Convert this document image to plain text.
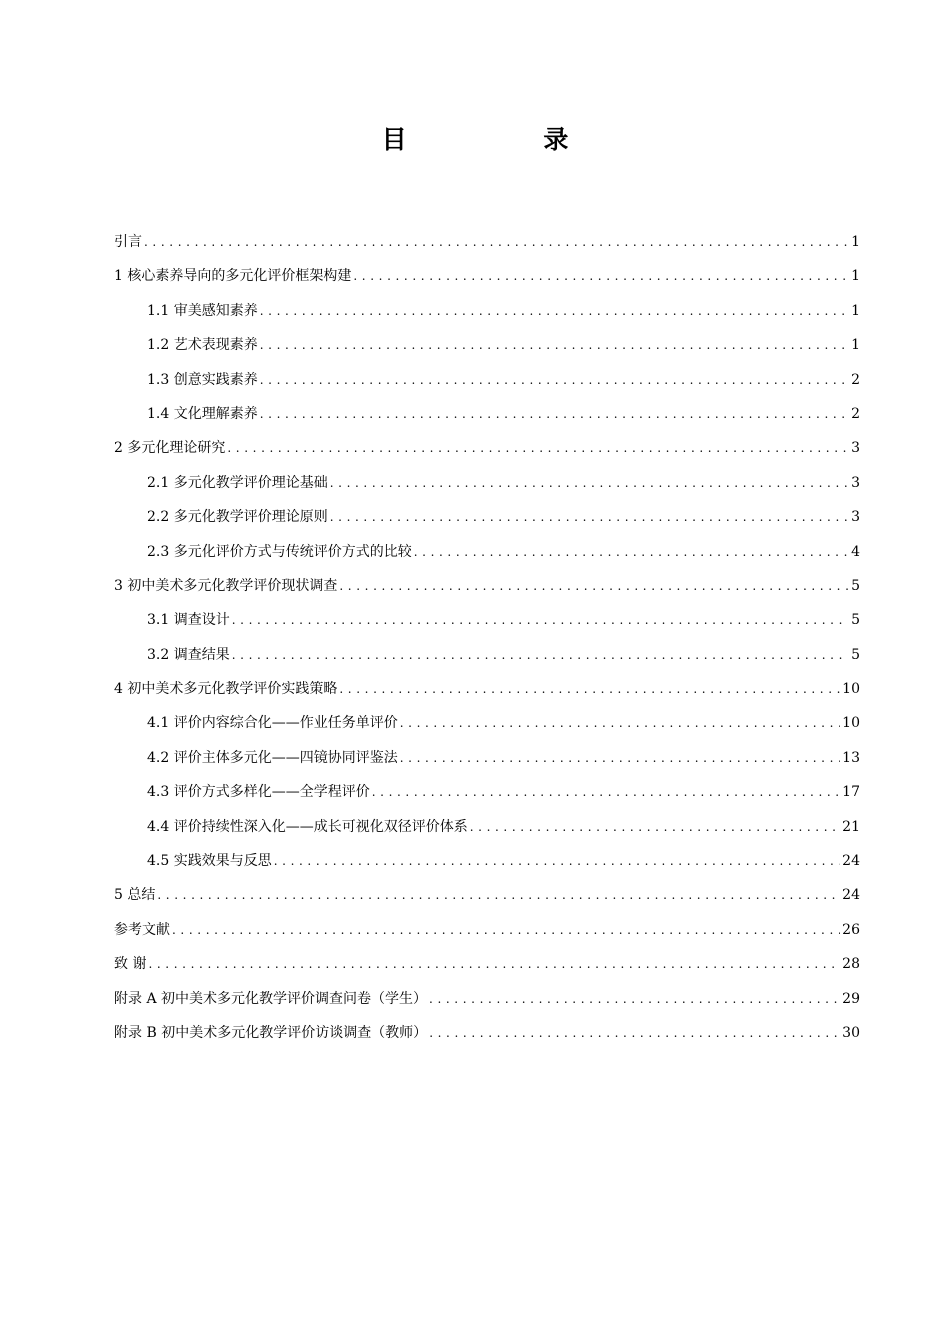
目 录
引言 . . .	1
1 核心素养导向的多元化评价框架构建 . . .	1
1.1 审美感知素养 . . .	1
1.2 艺术表现素养 . . .	1
1.3 创意实践素养 . . .	2
1.4 文化理解素养 . . .	2
2 多元化理论研究 . . .	3
2.1 多元化教学评价理论基础 . . .	3
2.2 多元化教学评价理论原则 . . .	3
2.3 多元化评价方式与传统评价方式的比较 . . .	4
3 初中美术多元化教学评价现状调查 . . .	5
3.1 调查设计 . . .	5
3.2 调查结果 . . .	5
4 初中美术多元化教学评价实践策略 . . .	10
4.1 评价内容综合化——作业任务单评价 . . .	10
4.2 评价主体多元化——四镜协同评鉴法 . . .	13
4.3 评价方式多样化——全学程评价 . . .	17
4.4 评价持续性深入化——成长可视化双径评价体系 . . .	21
4.5 实践效果与反思 . . .	24
5 总结 . . .	24
参考文献 . . .	26
致 谢 . . .	28
附录 A 初中美术多元化教学评价调查问卷（学生） . . .	29
附录 B 初中美术多元化教学评价访谈调查（教师） . . .	30
